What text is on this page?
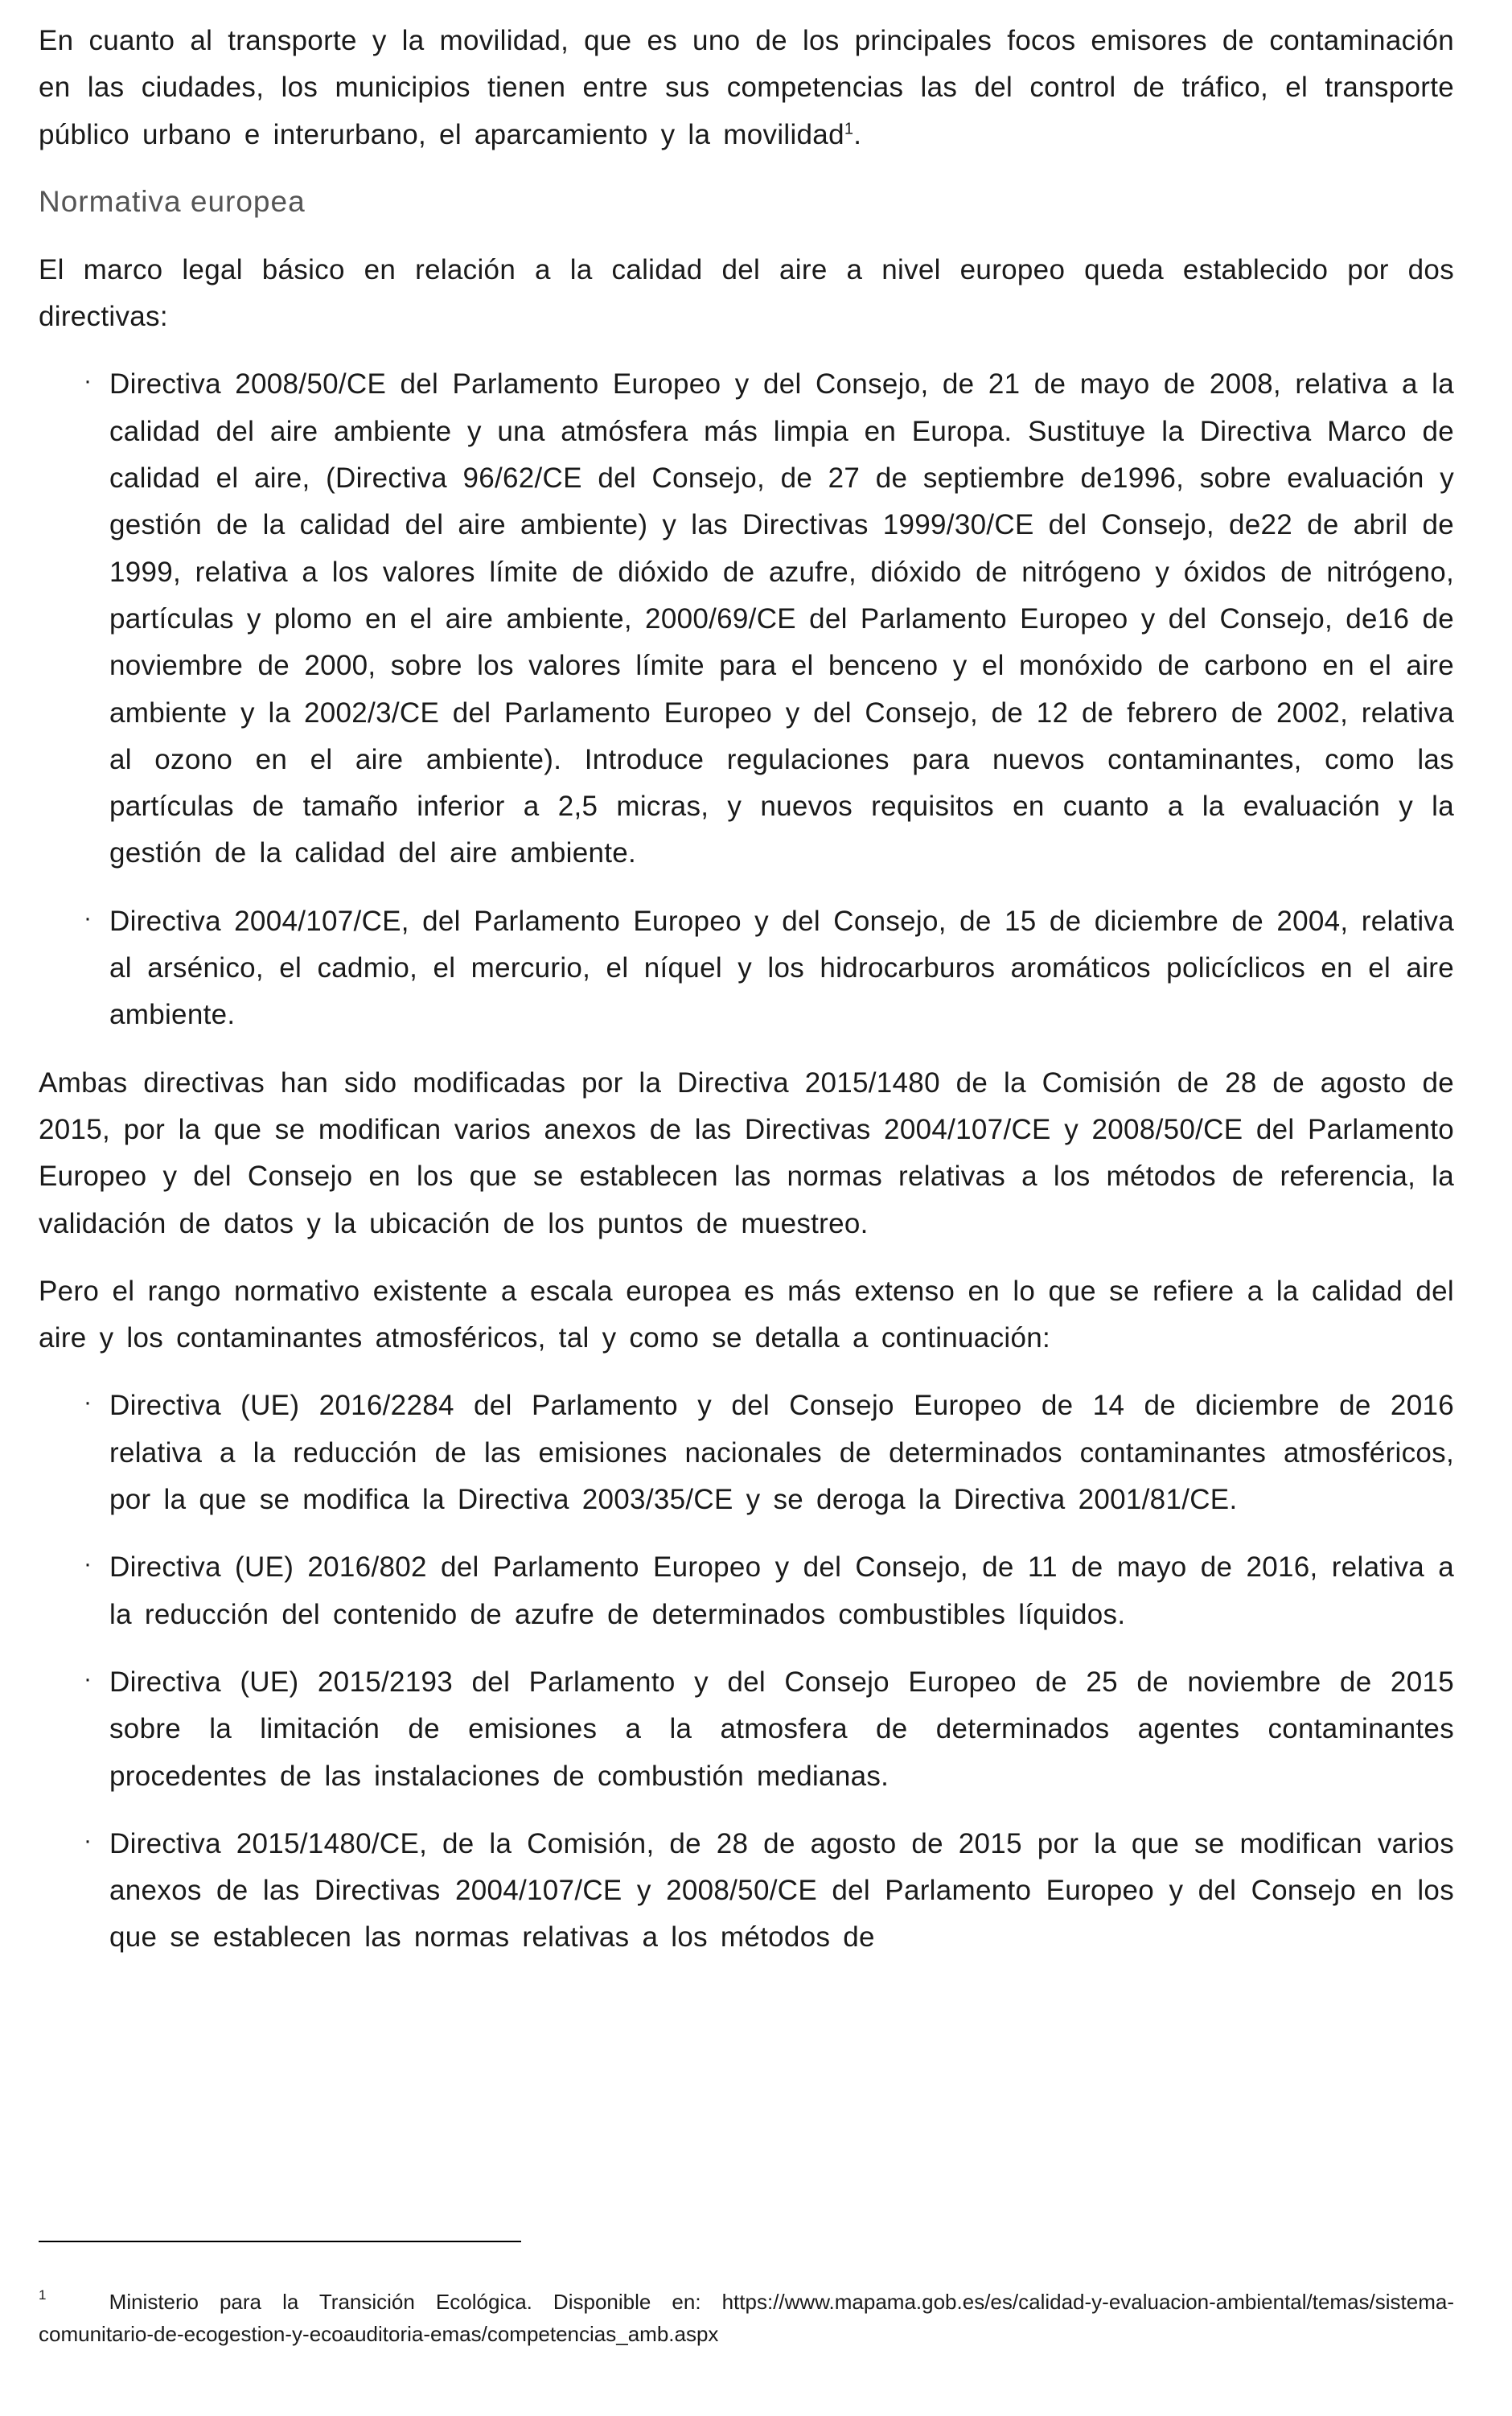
En cuanto al transporte y la movilidad, que es uno de los principales focos emisores de contaminación en las ciudades, los municipios tienen entre sus competencias las del control de tráfico, el transporte público urbano e interurbano, el aparcamiento y la movilidad$^1$.

Normativa europea

El marco legal básico en relación a la calidad del aire a nivel europeo queda establecido por dos directivas:

· Directiva 2008/50/CE del Parlamento Europeo y del Consejo, de 21 de mayo de 2008, relativa a la calidad del aire ambiente y una atmósfera más limpia en Europa. Sustituye la Directiva Marco de calidad el aire, (Directiva 96/62/CE del Consejo, de 27 de septiembre de1996, sobre evaluación y gestión de la calidad del aire ambiente) y las Directivas 1999/30/CE del Consejo, de22 de abril de 1999, relativa a los valores límite de dióxido de azufre, dióxido de nitrógeno y óxidos de nitrógeno, partículas y plomo en el aire ambiente, 2000/69/CE del Parlamento Europeo y del Consejo, de16 de noviembre de 2000, sobre los valores límite para el benceno y el monóxido de carbono en el aire ambiente y la 2002/3/CE del Parlamento Europeo y del Consejo, de 12 de febrero de 2002, relativa al ozono en el aire ambiente). Introduce regulaciones para nuevos contaminantes, como las partículas de tamaño inferior a 2,5 micras, y nuevos requisitos en cuanto a la evaluación y la gestión de la calidad del aire ambiente.
· Directiva 2004/107/CE, del Parlamento Europeo y del Consejo, de 15 de diciembre de 2004, relativa al arsénico, el cadmio, el mercurio, el níquel y los hidrocarburos aromáticos policíclicos en el aire ambiente.

Ambas directivas han sido modificadas por la Directiva 2015/1480 de la Comisión de 28 de agosto de 2015, por la que se modifican varios anexos de las Directivas 2004/107/CE y 2008/50/CE del Parlamento Europeo y del Consejo en los que se establecen las normas relativas a los métodos de referencia, la validación de datos y la ubicación de los puntos de muestreo.

Pero el rango normativo existente a escala europea es más extenso en lo que se refiere a la calidad del aire y los contaminantes atmosféricos, tal y como se detalla a continuación:

· Directiva (UE) 2016/2284 del Parlamento y del Consejo Europeo de 14 de diciembre de 2016 relativa a la reducción de las emisiones nacionales de determinados contaminantes atmosféricos, por la que se modifica la Directiva 2003/35/CE y se deroga la Directiva 2001/81/CE.
· Directiva (UE) 2016/802 del Parlamento Europeo y del Consejo, de 11 de mayo de 2016, relativa a la reducción del contenido de azufre de determinados combustibles líquidos.
· Directiva (UE) 2015/2193 del Parlamento y del Consejo Europeo de 25 de noviembre de 2015 sobre la limitación de emisiones a la atmosfera de determinados agentes contaminantes procedentes de las instalaciones de combustión medianas.
· Directiva 2015/1480/CE, de la Comisión, de 28 de agosto de 2015 por la que se modifican varios anexos de las Directivas 2004/107/CE y 2008/50/CE del Parlamento Europeo y del Consejo en los que se establecen las normas relativas a los métodos de
$^1$	Ministerio para la Transición Ecológica. Disponible en: https://www.mapama.gob.es/es/calidad-y-evaluacion-ambiental/temas/sistema-comunitario-de-ecogestion-y-ecoauditoria-emas/competencias_amb.aspx
